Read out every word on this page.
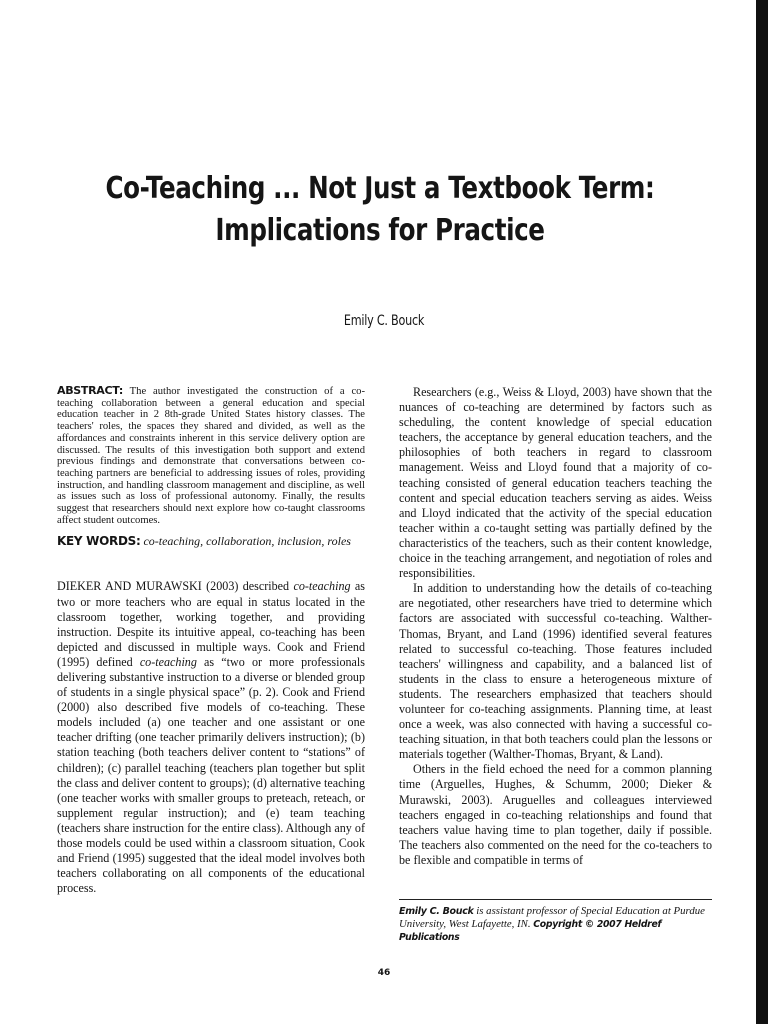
Co-Teaching ... Not Just a Textbook Term:
Implications for Practice
Emily C. Bouck

ABSTRACT: The author investigated the construction of a co-teaching collaboration between a general education and special education teacher in 2 8th-grade United States history classes. The teachers' roles, the spaces they shared and divided, as well as the affordances and constraints inherent in this service delivery option are discussed. The results of this investigation both support and extend previous findings and demonstrate that conversations between co-teaching partners are beneficial to addressing issues of roles, providing instruction, and handling classroom management and discipline, as well as issues such as loss of professional autonomy. Finally, the results suggest that researchers should next explore how co-taught classrooms affect student outcomes.

KEY WORDS: co-teaching, collaboration, inclusion, roles

DIEKER AND MURAWSKI (2003) described co-teaching as two or more teachers who are equal in status located in the classroom together, working together, and providing instruction. Despite its intuitive appeal, co-teaching has been depicted and discussed in multiple ways. Cook and Friend (1995) defined co-teaching as “two or more professionals delivering substantive instruction to a diverse or blended group of students in a single physical space” (p. 2). Cook and Friend (2000) also described five models of co-teaching. These models included (a) one teacher and one assistant or one teacher drifting (one teacher primarily delivers instruction); (b) station teaching (both teachers deliver content to “stations” of children); (c) parallel teaching (teachers plan together but split the class and deliver content to groups); (d) alternative teaching (one teacher works with smaller groups to preteach, reteach, or supplement regular instruction); and (e) team teaching (teachers share instruction for the entire class). Although any of those models could be used within a classroom situation, Cook and Friend (1995) suggested that the ideal model involves both teachers collaborating on all components of the educational process.

Researchers (e.g., Weiss & Lloyd, 2003) have shown that the nuances of co-teaching are determined by factors such as scheduling, the content knowledge of special education teachers, the acceptance by general education teachers, and the philosophies of both teachers in regard to classroom management. Weiss and Lloyd found that a majority of co-teaching consisted of general education teachers teaching the content and special education teachers serving as aides. Weiss and Lloyd indicated that the activity of the special education teacher within a co-taught setting was partially defined by the characteristics of the teachers, such as their content knowledge, choice in the teaching arrangement, and negotiation of roles and responsibilities.

In addition to understanding how the details of co-teaching are negotiated, other researchers have tried to determine which factors are associated with successful co-teaching. Walther-Thomas, Bryant, and Land (1996) identified several features related to successful co-teaching. Those features included teachers' willingness and capability, and a balanced list of students in the class to ensure a heterogeneous mixture of students. The researchers emphasized that teachers should volunteer for co-teaching assignments. Planning time, at least once a week, was also connected with having a successful co-teaching situation, in that both teachers could plan the lessons or materials together (Walther-Thomas, Bryant, & Land).

Others in the field echoed the need for a common planning time (Arguelles, Hughes, & Schumm, 2000; Dieker & Murawski, 2003). Aruguelles and colleagues interviewed teachers engaged in co-teaching relationships and found that teachers value having time to plan together, daily if possible. The teachers also commented on the need for the co-teachers to be flexible and compatible in terms of

Emily C. Bouck is assistant professor of Special Education at Purdue University, West Lafayette, IN. Copyright © 2007 Heldref Publications
46
